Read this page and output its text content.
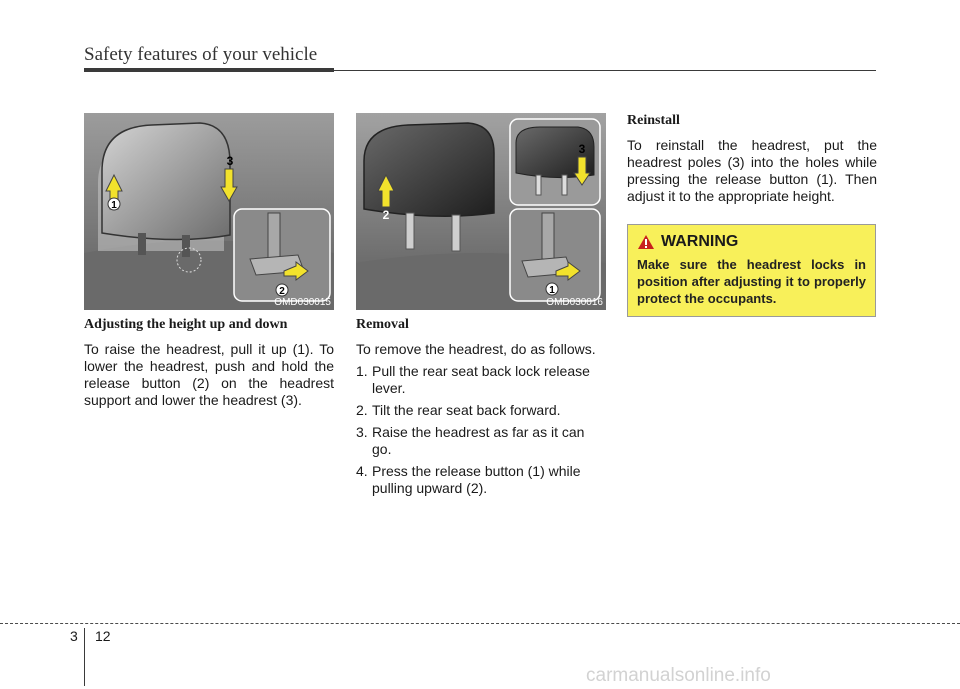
Safety features of your vehicle
1
3
2
OMD030015
2
3
1
OMD030016
Adjusting the height up and down

To raise the headrest, pull it up (1). To lower the headrest, push and hold the release button (2) on the headrest support and lower the headrest (3).

Removal

To remove the headrest, do as follows.

1. Pull the rear seat back lock release lever.
2. Tilt the rear seat back forward.
3. Raise the headrest as far as it can go.
4. Press the release button (1) while pulling upward (2).
Reinstall

To reinstall the headrest, put the headrest poles (3) into the holes while pressing the release button (1). Then adjust it to the appropriate height.

WARNING
Make sure the headrest locks in position after adjusting it to properly protect the occupants.
3 12
carmanualsonline.info
